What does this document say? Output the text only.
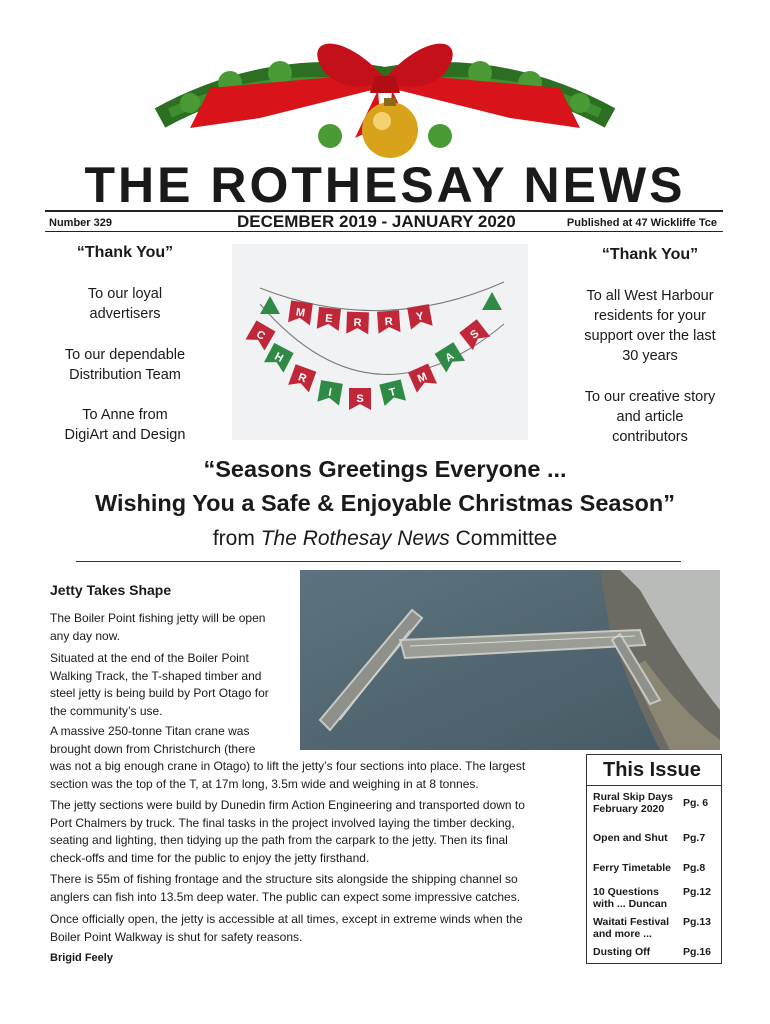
THE ROTHESAY NEWS
Number 329	DECEMBER 2019 - JANUARY 2020	Published at 47 Wickliffe Tce
“Thank You”
To our loyal
advertisers
To our dependable
Distribution Team
To Anne from
DigiArt and Design
M E R R Y
C
H
R
I S T
M
A
S
“Thank You”
To all West Harbour
residents for your
support over the last
30 years
To our creative story
and article
contributors
“Seasons Greetings Everyone ...
Wishing You a Safe & Enjoyable Christmas Season”
from The Rothesay News Committee
Jetty Takes Shape
The Boiler Point fishing jetty will be open
any day now.
Situated at the end of the Boiler Point
Walking Track, the T-shaped timber and
steel jetty is being build by Port Otago for
the community’s use.
A massive 250-tonne Titan crane was
brought down from Christchurch (there
was not a big enough crane in Otago) to lift the jetty’s four sections into place. The largest
section was the top of the T, at 17m long, 3.5m wide and weighing in at 8 tonnes.
The jetty sections were build by Dunedin firm Action Engineering and transported down to
Port Chalmers by truck. The final tasks in the project involved laying the timber decking,
seating and lighting, then tidying up the path from the carpark to the jetty. Then its final
check-offs and time for the public to enjoy the jetty firsthand.
There is 55m of fishing frontage and the structure sits alongside the shipping channel so
anglers can fish into 13.5m deep water. The public can expect some impressive catches.
Once officially open, the jetty is accessible at all times, except in extreme winds when the
Boiler Point Walkway is shut for safety reasons.
Brigid Feely
This Issue
Rural Skip Days
February 2020	Pg. 6
Open and Shut	Pg.7
Ferry Timetable	Pg.8
10 Questions
with ... Duncan
Pg.12
Waitati Festival
and more ...
Pg.13
Dusting Off	Pg.16
